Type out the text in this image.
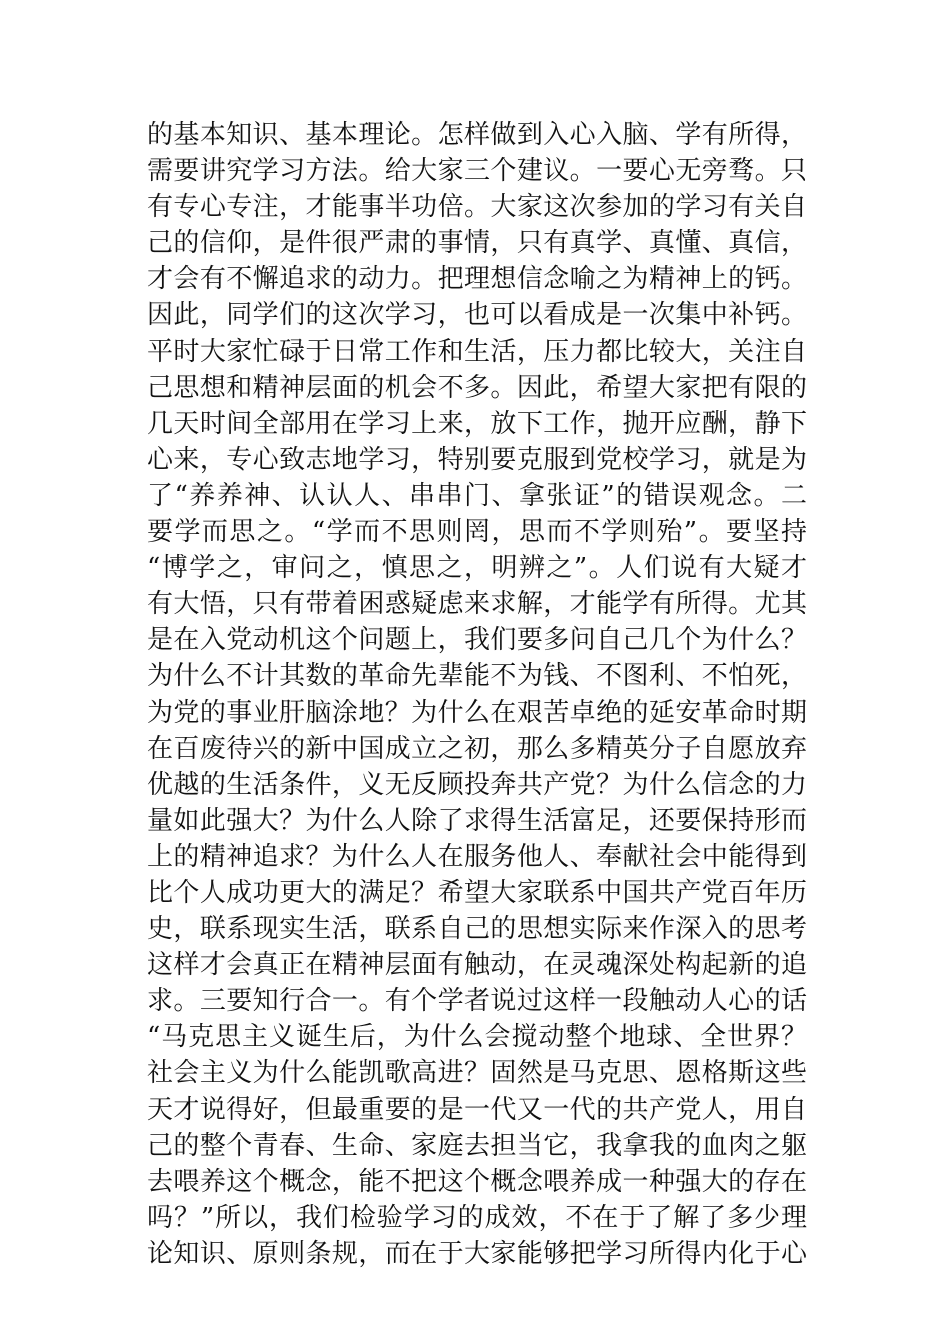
的基本知识、基本理论。怎样做到入心入脑、学有所得，
需要讲究学习方法。给大家三个建议。一要心无旁骛。只
有专心专注，才能事半功倍。大家这次参加的学习有关自
己的信仰，是件很严肃的事情，只有真学、真懂、真信，
才会有不懈追求的动力。把理想信念喻之为精神上的钙。
因此，同学们的这次学习，也可以看成是一次集中补钙。
平时大家忙碌于日常工作和生活，压力都比较大，关注自
己思想和精神层面的机会不多。因此，希望大家把有限的
几天时间全部用在学习上来，放下工作，抛开应酬，静下
心来，专心致志地学习，特别要克服到党校学习，就是为
了“养养神、认认人、串串门、拿张证”的错误观念。二
要学而思之。“学而不思则罔，思而不学则殆”。要坚持
“博学之，审问之，慎思之，明辨之”。人们说有大疑才
有大悟，只有带着困惑疑虑来求解，才能学有所得。尤其
是在入党动机这个问题上，我们要多问自己几个为什么？
为什么不计其数的革命先辈能不为钱、不图利、不怕死，
为党的事业肝脑涂地？为什么在艰苦卓绝的延安革命时期
在百废待兴的新中国成立之初，那么多精英分子自愿放弃
优越的生活条件，义无反顾投奔共产党？为什么信念的力
量如此强大？为什么人除了求得生活富足，还要保持形而
上的精神追求？为什么人在服务他人、奉献社会中能得到
比个人成功更大的满足？希望大家联系中国共产党百年历
史，联系现实生活，联系自己的思想实际来作深入的思考
这样才会真正在精神层面有触动，在灵魂深处构起新的追
求。三要知行合一。有个学者说过这样一段触动人心的话
“马克思主义诞生后，为什么会搅动整个地球、全世界？
社会主义为什么能凯歌高进？固然是马克思、恩格斯这些
天才说得好，但最重要的是一代又一代的共产党人，用自
己的整个青春、生命、家庭去担当它，我拿我的血肉之躯
去喂养这个概念，能不把这个概念喂养成一种强大的存在
吗？”所以，我们检验学习的成效，不在于了解了多少理
论知识、原则条规，而在于大家能够把学习所得内化于心
